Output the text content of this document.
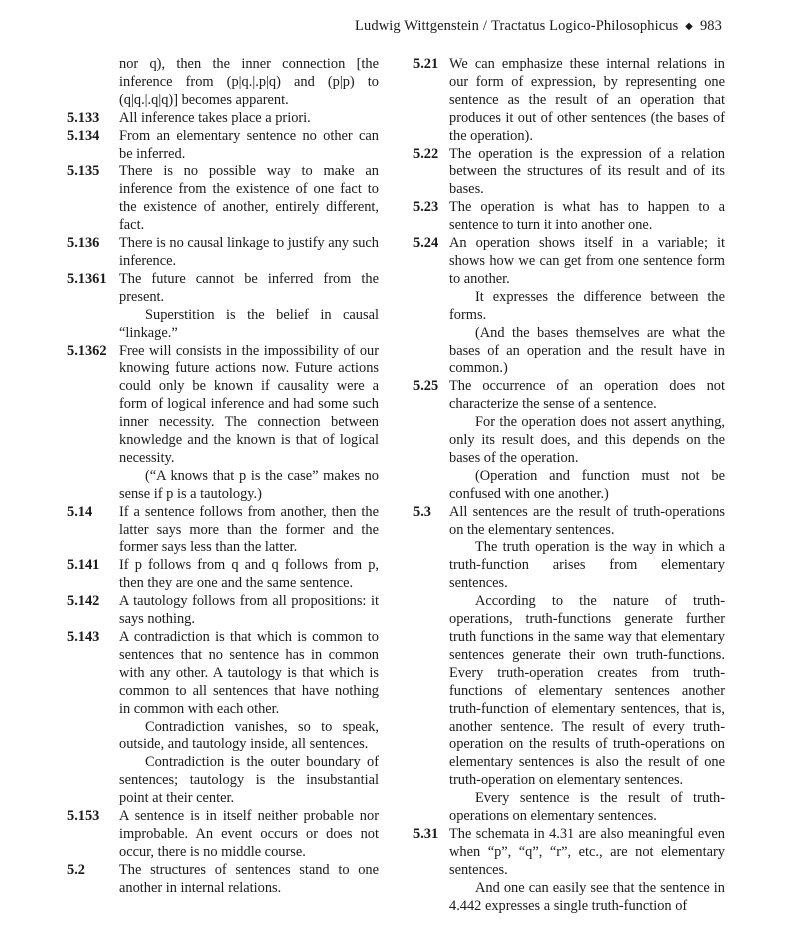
Ludwig Wittgenstein / Tractatus Logico-Philosophicus ◆ 983
nor q), then the inner connection [the inference from (p|q.|.p|q) and (p|p) to (q|q.|.q|q)] becomes apparent.
5.133 All inference takes place a priori.

5.134 From an elementary sentence no other can be inferred.

5.135 There is no possible way to make an inference from the existence of one fact to the existence of another, entirely different, fact.

5.136 There is no causal linkage to justify any such inference.

5.1361 The future cannot be inferred from the present.

Superstition is the belief in causal “linkage.”

5.1362 Free will consists in the impossibility of our knowing future actions now. Future actions could only be known if causality were a form of logical inference and had some such inner necessity. The connection between knowledge and the known is that of logical necessity.

(“A knows that p is the case” makes no sense if p is a tautology.)

5.14 If a sentence follows from another, then the latter says more than the former and the former says less than the latter.

5.141 If p follows from q and q follows from p, then they are one and the same sentence.

5.142 A tautology follows from all propositions: it says nothing.

5.143 A contradiction is that which is common to sentences that no sentence has in common with any other. A tautology is that which is common to all sentences that have nothing in common with each other.

Contradiction vanishes, so to speak, outside, and tautology inside, all sentences.

Contradiction is the outer boundary of sentences; tautology is the insubstantial point at their center.

5.153 A sentence is in itself neither probable nor improbable. An event occurs or does not occur, there is no middle course.

5.2 The structures of sentences stand to one another in internal relations.

5.21 We can emphasize these internal relations in our form of expression, by representing one sentence as the result of an operation that produces it out of other sentences (the bases of the operation).

5.22 The operation is the expression of a relation between the structures of its result and of its bases.

5.23 The operation is what has to happen to a sentence to turn it into another one.

5.24 An operation shows itself in a variable; it shows how we can get from one sentence form to another.

It expresses the difference between the forms.

(And the bases themselves are what the bases of an operation and the result have in common.)

5.25 The occurrence of an operation does not characterize the sense of a sentence.

For the operation does not assert anything, only its result does, and this depends on the bases of the operation.

(Operation and function must not be confused with one another.)

5.3 All sentences are the result of truth-operations on the elementary sentences.

The truth operation is the way in which a truth-function arises from elementary sentences.

According to the nature of truth-operations, truth-functions generate further truth functions in the same way that elementary sentences generate their own truth-functions. Every truth-operation creates from truth-functions of elementary sentences another truth-function of elementary sentences, that is, another sentence. The result of every truth-operation on the results of truth-operations on elementary sentences is also the result of one truth-operation on elementary sentences.

Every sentence is the result of truth-operations on elementary sentences.

5.31 The schemata in 4.31 are also meaningful even when “p”, “q”, “r”, etc., are not elementary sentences.

And one can easily see that the sentence in 4.442 expresses a single truth-function of
